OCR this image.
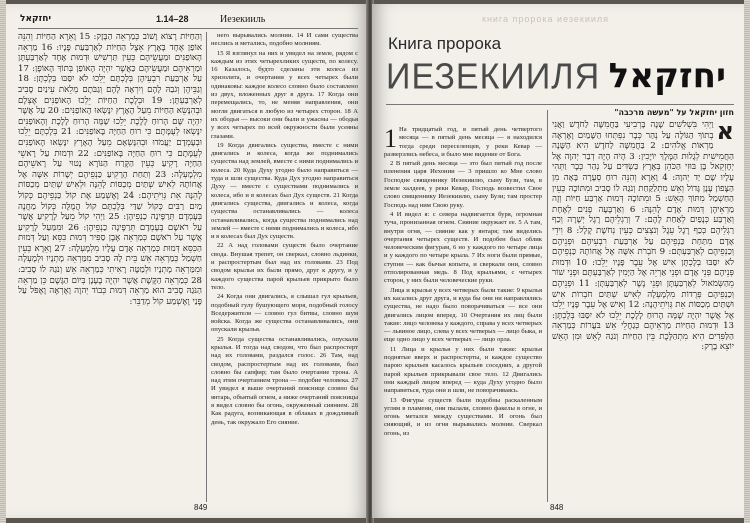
יחזקאל	1.14–28	Иезекииль

וְהַחַיּוֹת רָצוֹא וָשׁוֹב כְּמַרְאֵה הַבָּזָק: 15 וָאֵרֶא הַחַיּוֹת וְהִנֵּה אוֹפַן אֶחָד בָּאָרֶץ אֵצֶל הַחַיּוֹת לְאַרְבַּעַת פָּנָיו: 16 מַרְאֵה הָאוֹפַנִּים וּמַעֲשֵׂיהֶם כְּעֵין תַּרְשִׁישׁ וּדְמוּת אֶחָד לְאַרְבַּעְתָּן וּמַרְאֵיהֶם וּמַעֲשֵׂיהֶם כַּאֲשֶׁר יִהְיֶה הָאוֹפַן בְּתוֹךְ הָאוֹפָן: 17 עַל אַרְבַּעַת רִבְעֵיהֶן בְּלֶכְתָּם יֵלֵכוּ לֹא יִסַּבּוּ בְּלֶכְתָּן: 18 וְגַבֵּיהֶן וְגֹבַהּ לָהֶם וְיִרְאָה לָהֶם וְגַבֹּתָם מְלֵאֹת עֵינַיִם סָבִיב לְאַרְבַּעְתָּן: 19 וּבְלֶכֶת הַחַיּוֹת יֵלְכוּ הָאוֹפַנִּים אֶצְלָם וּבְהִנָּשֵׂא הַחַיּוֹת מֵעַל הָאָרֶץ יִנָּשְׂאוּ הָאוֹפַנִּים: 20 עַל אֲשֶׁר יִהְיֶה שָּׁם הָרוּחַ לָלֶכֶת יֵלֵכוּ שָׁמָּה הָרוּחַ לָלֶכֶת וְהָאוֹפַנִּים יִנָּשְׂאוּ לְעֻמָּתָם כִּי רוּחַ הַחַיָּה בָּאוֹפַנִּים: 21 בְּלֶכְתָּם יֵלֵכוּ וּבְעָמְדָם יַעֲמֹדוּ וּבְהִנָּשְׂאָם מֵעַל הָאָרֶץ יִנָּשְׂאוּ הָאוֹפַנִּים לְעֻמָּתָם כִּי רוּחַ הַחַיָּה בָּאוֹפַנִּים: 22 וּדְמוּת עַל רָאשֵׁי הַחַיָּה רָקִיעַ כְּעֵין הַקֶּרַח הַנּוֹרָא נָטוּי עַל רָאשֵׁיהֶם מִלְמָעְלָה: 23 וְתַחַת הָרָקִיעַ כַּנְפֵיהֶם יְשָׁרוֹת אִשָּׁה אֶל אֲחוֹתָהּ לְאִישׁ שְׁתַּיִם מְכַסּוֹת לָהֵנָּה וּלְאִישׁ שְׁתַּיִם מְכַסּוֹת לָהֵנָּה אֵת גְּוִיֹּתֵיהֶם: 24 וָאֶשְׁמַע אֶת קוֹל כַּנְפֵיהֶם כְּקוֹל מַיִם רַבִּים כְּקוֹל שַׁדַּי בְּלֶכְתָּם קוֹל הֲמֻלָּה כְּקוֹל מַחֲנֶה בְּעָמְדָם תְּרַפֶּינָה כַנְפֵיהֶן: 25 וַיְהִי קוֹל מֵעַל לָרָקִיעַ אֲשֶׁר עַל רֹאשָׁם בְּעָמְדָם תְּרַפֶּינָה כַנְפֵיהֶן: 26 וּמִמַּעַל לָרָקִיעַ אֲשֶׁר עַל רֹאשָׁם כְּמַרְאֵה אֶבֶן סַפִּיר דְּמוּת כִּסֵּא וְעַל דְּמוּת הַכִּסֵּא דְּמוּת כְּמַרְאֵה אָדָם עָלָיו מִלְמָעְלָה: 27 וָאֵרֶא כְּעֵין חַשְׁמַל כְּמַרְאֵה אֵשׁ בֵּית לָהּ סָבִיב מִמַּרְאֵה מָתְנָיו וּלְמָעְלָה וּמִמַּרְאֵה מָתְנָיו וּלְמַטָּה רָאִיתִי כְּמַרְאֵה אֵשׁ וְנֹגַהּ לוֹ סָבִיב: 28 כְּמַרְאֵה הַקֶּשֶׁת אֲשֶׁר יִהְיֶה בֶעָנָן בְּיוֹם הַגֶּשֶׁם כֵּן מַרְאֵה הַנֹּגַהּ סָבִיב הוּא מַרְאֵה דְּמוּת כְּבוֹד יְהוָה וָאֶרְאֶה וָאֶפֹּל עַל פָּנַי וָאֶשְׁמַע קוֹל מְדַבֵּר:

него вырывались молнии. 14 И сами существа неслись и метались, подобно молниям.

15 Я взглянул на них и увидел на земле, рядом с каждым из этих четырехликих существ, по колесу. 16 Казалось, будто сделаны эти колеса из хризолита, и очертания у всех четырех были одинаковы: каждое колесо словно было составлено из двух, вложенных друг в друга. 17 Когда они перемещались, то, не меняя направления, они могли двигаться в любую из четырех сторон. 18 А их ободья — высоки они были и ужасны — ободья у всех четырех по всей окружности были усеяны глазами.

19 Когда двигались существа, вместе с ними двигались и колеса, когда же поднимались существа над землей, вместе с ними поднимались и колеса. 20 Куда Духу угодно было направиться — туда и шли существа. Куда Дух угодно направиться Духу — вместе с существами поднимались и колеса, ибо и в колесах был Дух существ. 21 Когда двигались существа, двигались и колеса, когда существа останавливались — колеса останавливались, когда существа поднимались над землей — вместе с ними поднимались и колеса, ибо и в колесах был Дух существ.

22 А над головами существ было очертание свода. Внушая трепет, он сверкал, словно льдинки, и распростертым был над их головами. 23 Под сводом крылья их были прямо, друг к другу, и у каждого существа парой крыльев прикрыто было тело.

24 Когда они двигались, я слышал гул крыльев, подобный гулу бушующего моря, подобный голосу Вседержителя — словно гул битвы, словно шум войска. Когда же существа останавливались, они опускали крылья.

25 Когда существа останавливались, опускали крылья. И тогда над сводом, что был распростерт над их головами, раздался голос. 26 Там, над сводом, распростертым над их головами, был словно бы сапфир; там было очертание трона. А над этим очертанием трона — подобие человека. 27 И увидел я выше очертаний пояснице словно бы янтарь, объятый огнем, а ниже очертаний поясницы я видел словно бы огонь, окруженный сиянием. 28 Как радуга, возникающая в облаках в дождливый день, так окружало Его сияние.

849
книга пророка иезекииля
Книга пророка
ИЕЗЕКИИЛЯ יחזקאל
1 На тридцатый год, в пятый день четвертого месяца — в пятый день месяца — я находился тогда среди переселенцев, у реки Кевар — разверзлись небеса, и было мне видение от Бога.

2 В пятый день месяца — это был пятый год после пленения царя Иехонии — 3 пришло ко Мне слово Господне священнику Иезекиилю, сыну Бузи, там, в земле халдеев, у реки Кевар, Господь возвестил Свое слово священнику Иезекиилю, сыну Бузи; там простер Господь над ним Свою руку.

4 И видел я: с севера надвигается буря, огромная туча, пронизанная огнем. Сияние окружает ее. 5 А там, внутри огня, — сияние как у янтаря; там виделись очертания четырех существ. И подобен был облик человеческим фигурам, 6 но у каждого по четыре лица и у каждого по четыре крыла. 7 Их ноги были прямые, ступни — как бычьи копыта, и сверкали они, словно отполированная медь. 8 Под крыльями, с четырех сторон, у них были человеческие руки.

Лица и крылья у всех четверых были такие: 9 крылья их касались друг друга, и куда бы они ни направлялись существа, не надо было поворачиваться — все они двигались лицом вперед. 10 Очертания их лиц были такие: лицо человека у каждого, справа у всех четверых — львиное лицо, слева у всех четверых — лицо быка, и еще одно лицо у всех четверых — лицо орла.

11 Лица и крылья у них были такие: крылья поднятые вверх и распростерты, и каждое существо парою крыльев касалось крыльев соседних, а другой парой крыльев прикрывали свое тело. 12 Двигались они каждый лицом вперед — куда Духу угодно было направиться, туда они и шли, не поворачиваясь.

13 Фигуры существ были подобны раскаленным углям в пламени, они пылали, словно факелы в огне, и огонь метался между существами. И огонь был сияющий, и из огня вырывались молнии. Сверкал огонь, из

חזון יחזקאל על "מעשה מרכבה"
א

וַיְהִי בִּשְׁלֹשִׁים שָׁנָה בָּרְבִיעִי בַּחֲמִשָּׁה לַחֹדֶשׁ וַאֲנִי בְתוֹךְ הַגּוֹלָה עַל נְהַר כְּבָר נִפְתְּחוּ הַשָּׁמַיִם וָאֶרְאֶה מַרְאוֹת אֱלֹהִים: 2 בַּחֲמִשָּׁה לַחֹדֶשׁ הִיא הַשָּׁנָה הַחֲמִישִׁית לְגָלוּת הַמֶּלֶךְ יוֹיָכִין: 3 הָיֹה הָיָה דְבַר יְהוָה אֶל יְחֶזְקֵאל בֶּן בּוּזִי הַכֹּהֵן בְּאֶרֶץ כַּשְׂדִּים עַל נְהַר כְּבָר וַתְּהִי עָלָיו שָׁם יַד יְהוָה: 4 וָאֵרֶא וְהִנֵּה רוּחַ סְעָרָה בָּאָה מִן הַצָּפוֹן עָנָן גָּדוֹל וְאֵשׁ מִתְלַקַּחַת וְנֹגַהּ לוֹ סָבִיב וּמִתּוֹכָהּ כְּעֵין הַחַשְׁמַל מִתּוֹךְ הָאֵשׁ: 5 וּמִתּוֹכָהּ דְּמוּת אַרְבַּע חַיּוֹת וְזֶה מַרְאֵיהֶן דְּמוּת אָדָם לָהֵנָּה: 6 וְאַרְבָּעָה פָנִים לְאֶחָת וְאַרְבַּע כְּנָפַיִם לְאַחַת לָהֶם: 7 וְרַגְלֵיהֶם רֶגֶל יְשָׁרָה וְכַף רַגְלֵיהֶם כְּכַף רֶגֶל עֵגֶל וְנֹצְצִים כְּעֵין נְחֹשֶׁת קָלָל: 8 וִידֵי אָדָם מִתַּחַת כַּנְפֵיהֶם עַל אַרְבַּעַת רִבְעֵיהֶם וּפְנֵיהֶם וְכַנְפֵיהֶם לְאַרְבַּעְתָּם: 9 חֹבְרֹת אִשָּׁה אֶל אֲחוֹתָהּ כַּנְפֵיהֶם לֹא יִסַּבּוּ בְלֶכְתָּן אִישׁ אֶל עֵבֶר פָּנָיו יֵלֵכוּ: 10 וּדְמוּת פְּנֵיהֶם פְּנֵי אָדָם וּפְנֵי אַרְיֵה אֶל הַיָּמִין לְאַרְבַּעְתָּם וּפְנֵי שׁוֹר מֵהַשְּׂמֹאול לְאַרְבַּעְתָּן וּפְנֵי נֶשֶׁר לְאַרְבַּעְתָּן: 11 וּפְנֵיהֶם וְכַנְפֵיהֶם פְּרֻדוֹת מִלְמָעְלָה לְאִישׁ שְׁתַּיִם חֹבְרוֹת אִישׁ וּשְׁתַּיִם מְכַסּוֹת אֵת גְּוִיֹתֵיהֶנָה: 12 וְאִישׁ אֶל עֵבֶר פָּנָיו יֵלֵכוּ אֶל אֲשֶׁר יִהְיֶה שָׁמָּה הָרוּחַ לָלֶכֶת יֵלֵכוּ לֹא יִסַּבּוּ בְּלֶכְתָּן: 13 וּדְמוּת הַחַיּוֹת מַרְאֵיהֶם כְּגַחֲלֵי אֵשׁ בֹּעֲרוֹת כְּמַרְאֵה הַלַּפִּדִים הִיא מִתְהַלֶּכֶת בֵּין הַחַיּוֹת וְנֹגַהּ לָאֵשׁ וּמִן הָאֵשׁ יוֹצֵא בָרָק:

848
